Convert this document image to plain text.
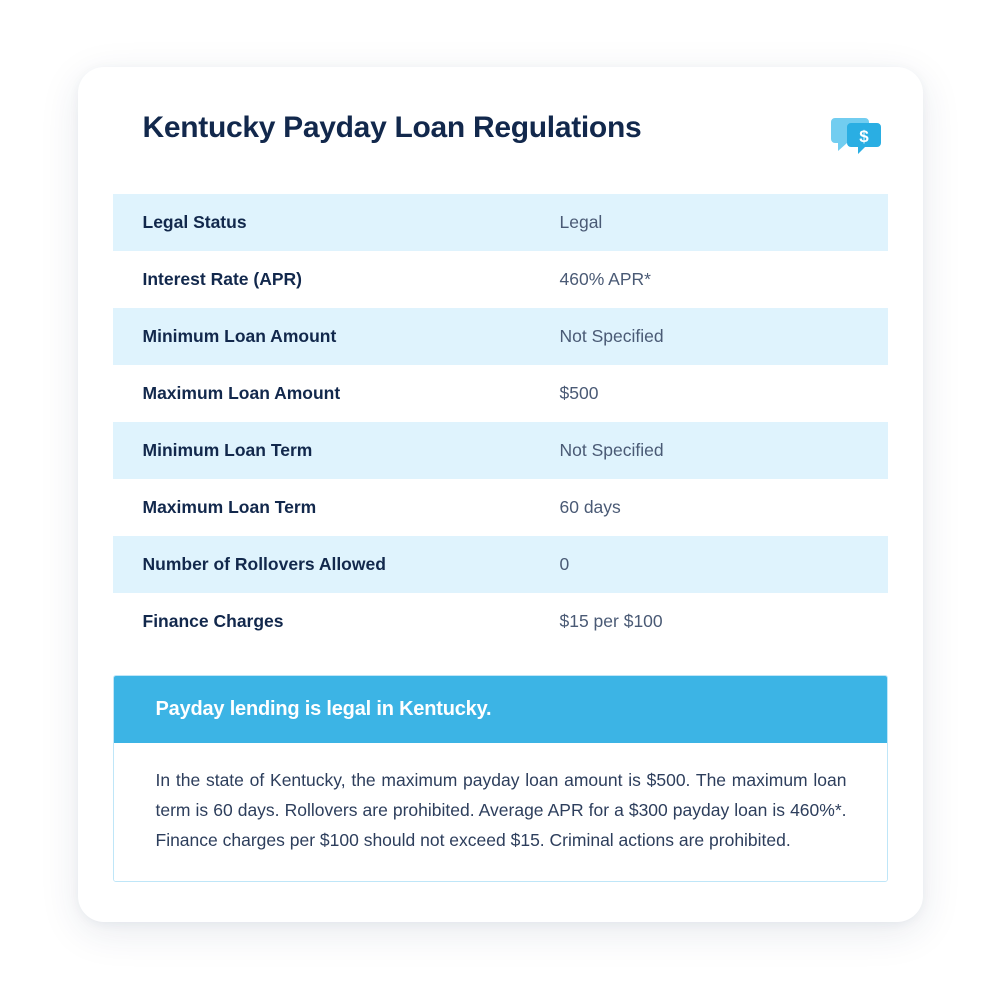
Kentucky Payday Loan Regulations	$
Legal Status	Legal
Interest Rate (APR)	460% APR*
Minimum Loan Amount	Not Specified
Maximum Loan Amount	$500
Minimum Loan Term	Not Specified
Maximum Loan Term	60 days
Number of Rollovers Allowed	0
Finance Charges	$15 per $100
Payday lending is legal in Kentucky.
In the state of Kentucky, the maximum payday loan amount is $500. The maximum loan term is 60 days. Rollovers are prohibited. Average APR for a $300 payday loan is 460%*. Finance charges per $100 should not exceed $15. Criminal actions are prohibited.
